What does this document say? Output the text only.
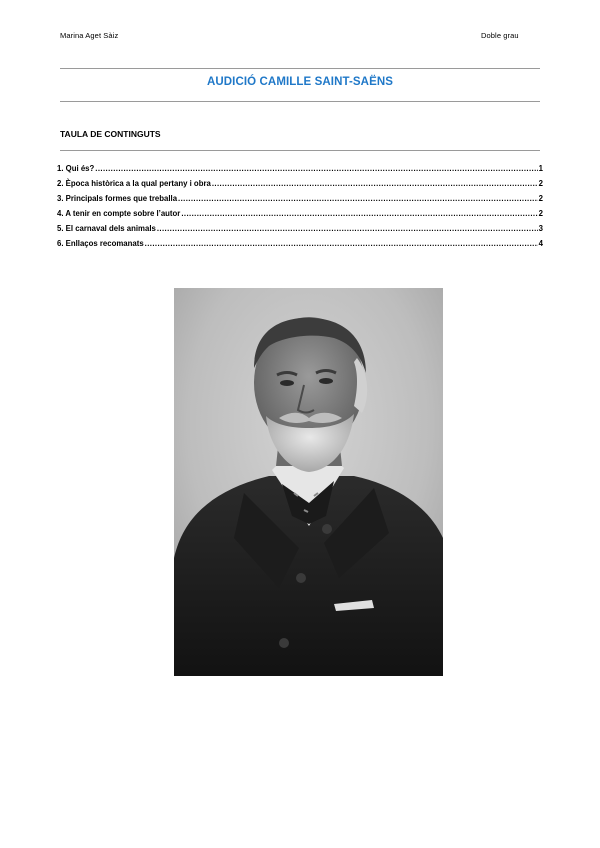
Marina Aget Sàiz	Doble grau
AUDICIÓ CAMILLE SAINT-SAËNS
TAULA DE CONTINGUTS
1. Qui és? .....	1
2. Època històrica a la qual pertany i obra .....	2
3. Principals formes que treballa .....	2
4. A tenir en compte sobre l’autor .....	2
5. El carnaval dels animals .....	3
6. Enllaços recomanats .....	4
